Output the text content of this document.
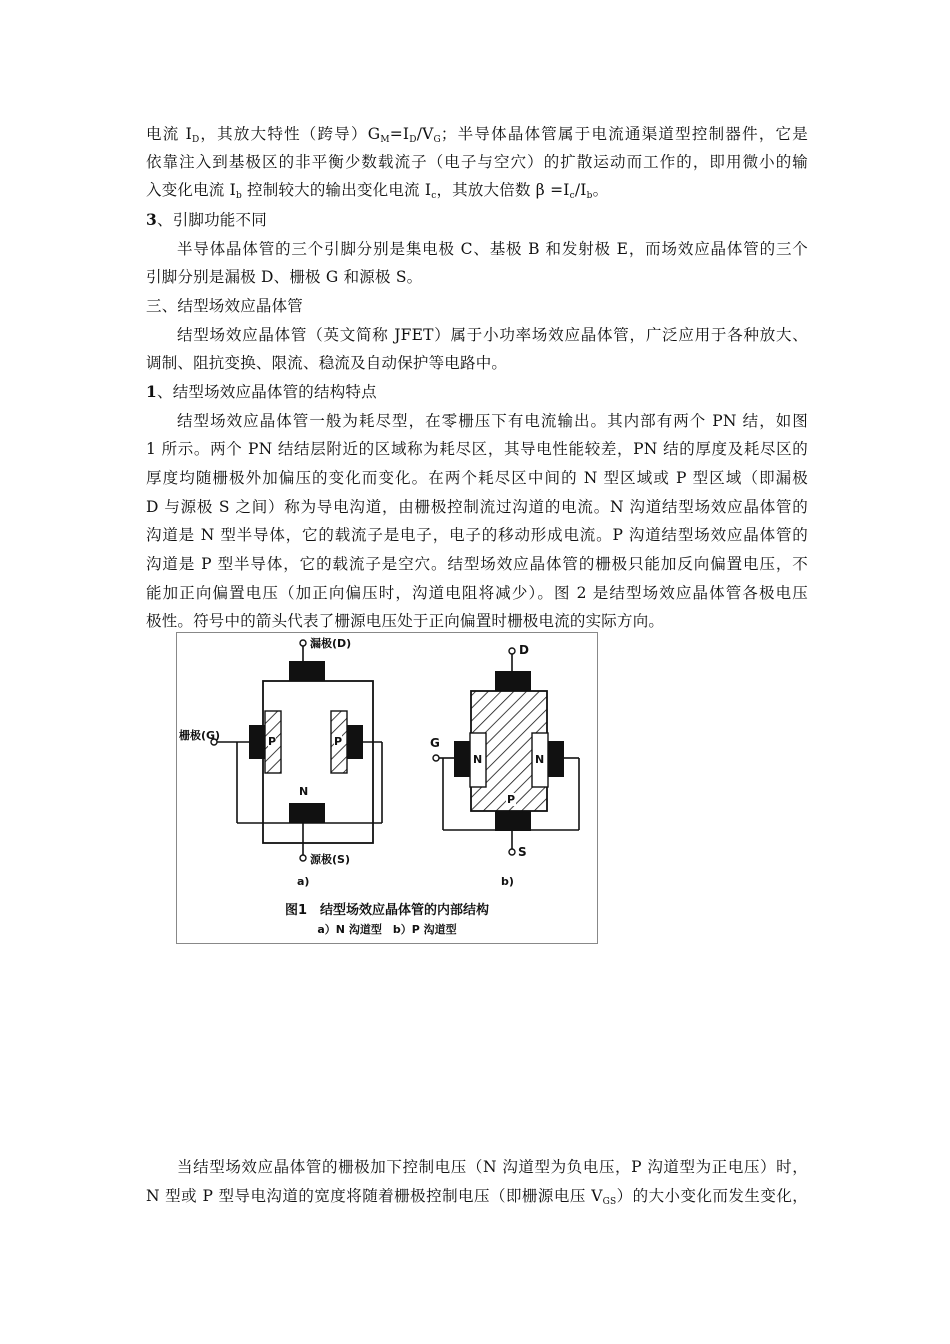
电流 $I_D$，其放大特性（跨导）$G_M=I_D/V_G$；半导体晶体管属于电流通渠道型控制器件，它是
依靠注入到基极区的非平衡少数载流子（电子与空穴）的扩散运动而工作的，即用微小的输
入变化电流 $I_b$ 控制较大的输出变化电流 $I_c$，其放大倍数 $\beta =I_c/I_b$。
3、引脚功能不同
半导体晶体管的三个引脚分别是集电极 C、基极 B 和发射极 E，而场效应晶体管的三个
引脚分别是漏极 D、栅极 G 和源极 S。
三、结型场效应晶体管
结型场效应晶体管（英文简称 JFET）属于小功率场效应晶体管，广泛应用于各种放大、
调制、阻抗变换、限流、稳流及自动保护等电路中。
1、结型场效应晶体管的结构特点
结型场效应晶体管一般为耗尽型，在零栅压下有电流输出。其内部有两个 PN 结，如图
1 所示。两个 PN 结结层附近的区域称为耗尽区，其导电性能较差，PN 结的厚度及耗尽区的
厚度均随栅极外加偏压的变化而变化。在两个耗尽区中间的 N 型区域或 P 型区域（即漏极
D 与源极 S 之间）称为导电沟道，由栅极控制流过沟道的电流。N 沟道结型场效应晶体管的
沟道是 N 型半导体，它的载流子是电子，电子的移动形成电流。P 沟道结型场效应晶体管的
沟道是 P 型半导体，它的载流子是空穴。结型场效应晶体管的栅极只能加反向偏置电压，不
能加正向偏置电压（加正向偏压时，沟道电阻将减少）。图 2 是结型场效应晶体管各极电压
极性。符号中的箭头代表了栅源电压处于正向偏置时栅极电流的实际方向。
漏极(D)
栅极(G)
源极(S)
P	P
N
a)
D
G
S
N	N
P
b)
图1　结型场效应晶体管的内部结构
a）N 沟道型　b）P 沟道型
当结型场效应晶体管的栅极加下控制电压（N 沟道型为负电压，P 沟道型为正电压）时，
N 型或 P 型导电沟道的宽度将随着栅极控制电压（即栅源电压 $V_{GS}$）的大小变化而发生变化，
